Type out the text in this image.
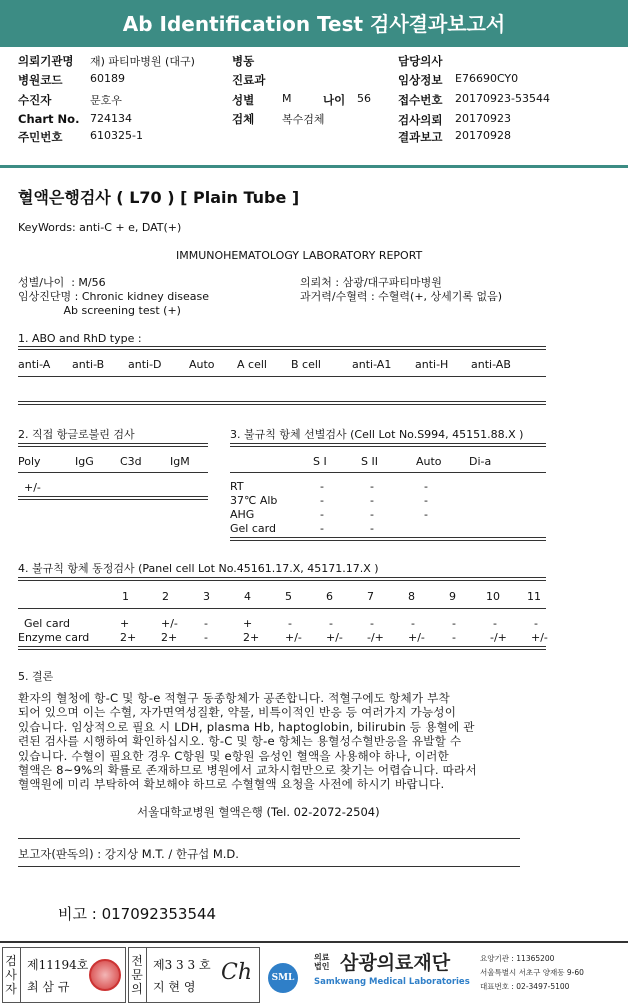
Ab Identification Test 검사결과보고서
의뢰기관명 재) 파티마병원 (대구)
병원코드	60189
수진자	문호우
Chart No. 724134
주민번호	610325-1
병동
진료과
성별	M	나이 56
검체	복수검체
담당의사
임상정보 E76690CY0
접수번호 20170923-53544
검사의뢰 20170923
결과보고 20170928
혈액은행검사 ( L70 ) [ Plain Tube ]
KeyWords: anti-C + e, DAT(+)
IMMUNOHEMATOLOGY LABORATORY REPORT
성별/나이  : M/56	의뢰처 : 삼광/대구파티마병원
임상진단명 : Chronic kidney disease	과거력/수혈력 : 수혈력(+, 상세기록 없음)
Ab screening test (+)
1. ABO and RhD type :
anti-A anti-B anti-D Auto A cell B cell	anti-A1 anti-H anti-AB
2. 직접 항글로불린 검사
Poly	IgG C3d	IgM
+/-
3. 불규칙 항체 선별검사 (Cell Lot No.S994, 45151.88.X )
S I	S II	Auto Di-a
RT	-	-	-
37℃ Alb	-	-	-
AHG	-	-	-
Gel card	-	-
4. 불규칙 항체 동정검사 (Panel cell Lot No.45161.17.X, 45171.17.X )
1	2	3	4	5	6	7	8	9	10 11
Gel card	+	+/- -	+	-	-	-	-	-	-	-
Enzyme card	2+ 2+ -	2+ +/- +/- -/+ +/- -	-/+ +/-
5. 결론
환자의 혈청에 항-C 및 항-e 적혈구 동종항체가 공존합니다. 적혈구에도 항체가 부착
되어 있으며 이는 수혈, 자가면역성질환, 약물, 비특이적인 반응 등 여러가지 가능성이
있습니다. 임상적으로 필요 시 LDH, plasma Hb, haptoglobin, bilirubin 등 용혈에 관
련된 검사를 시행하여 확인하십시오. 항-C 및 항-e 항체는 용혈성수혈반응을 유발할 수
있습니다. 수혈이 필요한 경우 C항원 및 e항원 음성인 혈액을 사용해야 하나, 이러한
혈액은 8~9%의 확률로 존재하므로 병원에서 교차시험만으로 찾기는 어렵습니다. 따라서
혈액원에 미리 부탁하여 확보해야 하므로 수혈혈액 요청을 사전에 하시기 바랍니다.
서울대학교병원 혈액은행 (Tel. 02-2072-2504)
보고자(판독의) : 강지상 M.T. / 한규섭 M.D.
비고 : 017092353544
검
사
자
제11194호
최 삼 규
전
문
의
제3 3 3 호
지 현 영
Ch	SML
의료법인 삼광의료재단
Samkwang Medical Laboratories
요양기관 : 11365200
서울특별시 서초구 양재동 9-60
대표번호 : 02-3497-5100
